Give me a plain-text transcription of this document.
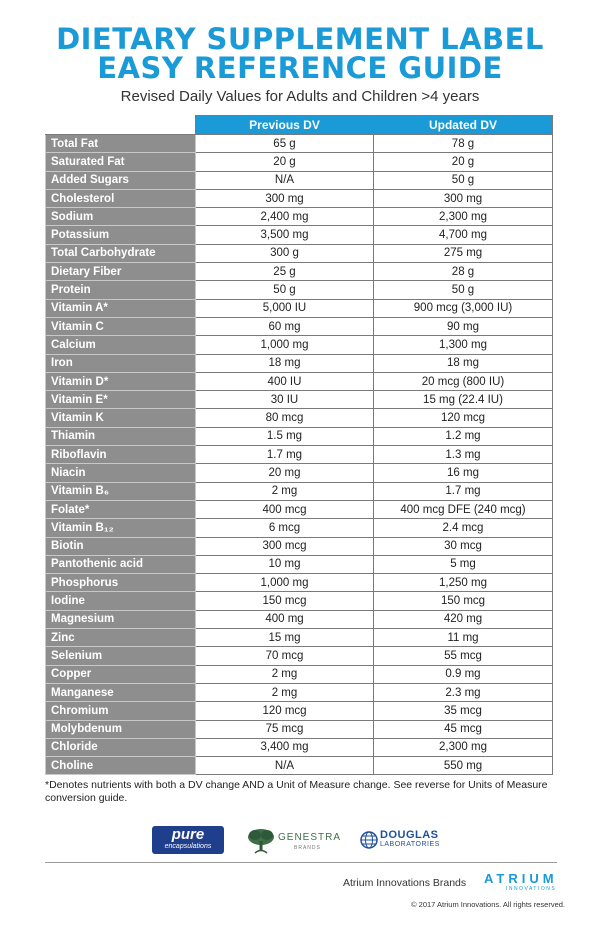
DIETARY SUPPLEMENT LABEL
EASY REFERENCE GUIDE
Revised Daily Values for Adults and Children >4 years
	Previous DV	Updated DV
Total Fat	65 g	78 g
Saturated Fat	20 g	20 g
Added Sugars	N/A	50 g
Cholesterol	300 mg	300 mg
Sodium	2,400 mg	2,300 mg
Potassium	3,500 mg	4,700 mg
Total Carbohydrate	300 g	275 mg
Dietary Fiber	25 g	28 g
Protein	50 g	50 g
Vitamin A*	5,000 IU	900 mcg (3,000 IU)
Vitamin C	60 mg	90 mg
Calcium	1,000 mg	1,300 mg
Iron	18 mg	18 mg
Vitamin D*	400 IU	20 mcg (800 IU)
Vitamin E*	30 IU	15 mg (22.4 IU)
Vitamin K	80 mcg	120 mcg
Thiamin	1.5 mg	1.2 mg
Riboflavin	1.7 mg	1.3 mg
Niacin	20 mg	16 mg
Vitamin B₆	2 mg	1.7 mg
Folate*	400 mcg	400 mcg DFE (240 mcg)
Vitamin B₁₂	6 mcg	2.4 mcg
Biotin	300 mcg	30 mcg
Pantothenic acid	10 mg	5 mg
Phosphorus	1,000 mg	1,250 mg
Iodine	150 mcg	150 mcg
Magnesium	400 mg	420 mg
Zinc	15 mg	11 mg
Selenium	70 mcg	55 mcg
Copper	2 mg	0.9 mg
Manganese	2 mg	2.3 mg
Chromium	120 mcg	35 mcg
Molybdenum	75 mcg	45 mcg
Chloride	3,400 mg	2,300 mg
Choline	N/A	550 mg
*Denotes nutrients with both a DV change AND a Unit of Measure change. See reverse for Units of Measure conversion guide.
pure
encapsulations
GENESTRA
BRANDS
DOUGLAS
LABORATORIES
Atrium Innovations Brands ATRIUM
INNOVATIONS
© 2017 Atrium Innovations. All rights reserved.
